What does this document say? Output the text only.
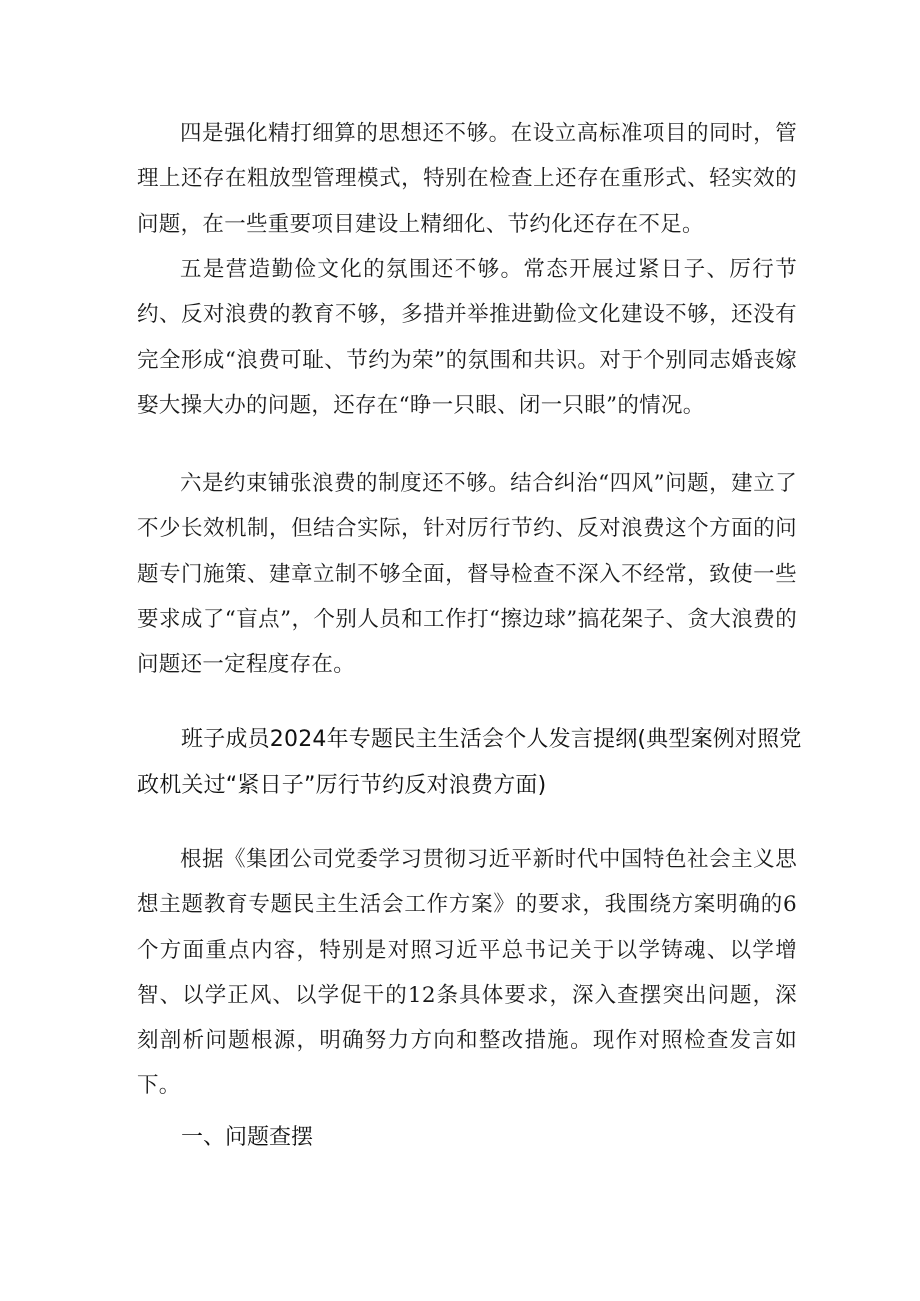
四是强化精打细算的思想还不够。在设立高标准项目的同时，管理上还存在粗放型管理模式，特别在检查上还存在重形式、轻实效的问题，在一些重要项目建设上精细化、节约化还存在不足。

五是营造勤俭文化的氛围还不够。常态开展过紧日子、厉行节约、反对浪费的教育不够，多措并举推进勤俭文化建设不够，还没有完全形成“浪费可耻、节约为荣”的氛围和共识。对于个别同志婚丧嫁娶大操大办的问题，还存在“睁一只眼、闭一只眼”的情况。

六是约束铺张浪费的制度还不够。结合纠治“四风”问题，建立了不少长效机制，但结合实际，针对厉行节约、反对浪费这个方面的问题专门施策、建章立制不够全面，督导检查不深入不经常，致使一些要求成了“盲点”，个别人员和工作打“擦边球”搞花架子、贪大浪费的问题还一定程度存在。

班子成员2024年专题民主生活会个人发言提纲(典型案例对照党政机关过“紧日子”厉行节约反对浪费方面)

根据《集团公司党委学习贯彻习近平新时代中国特色社会主义思想主题教育专题民主生活会工作方案》的要求，我围绕方案明确的6个方面重点内容，特别是对照习近平总书记关于以学铸魂、以学增智、以学正风、以学促干的12条具体要求，深入查摆突出问题，深刻剖析问题根源，明确努力方向和整改措施。现作对照检查发言如下。

一、问题查摆
